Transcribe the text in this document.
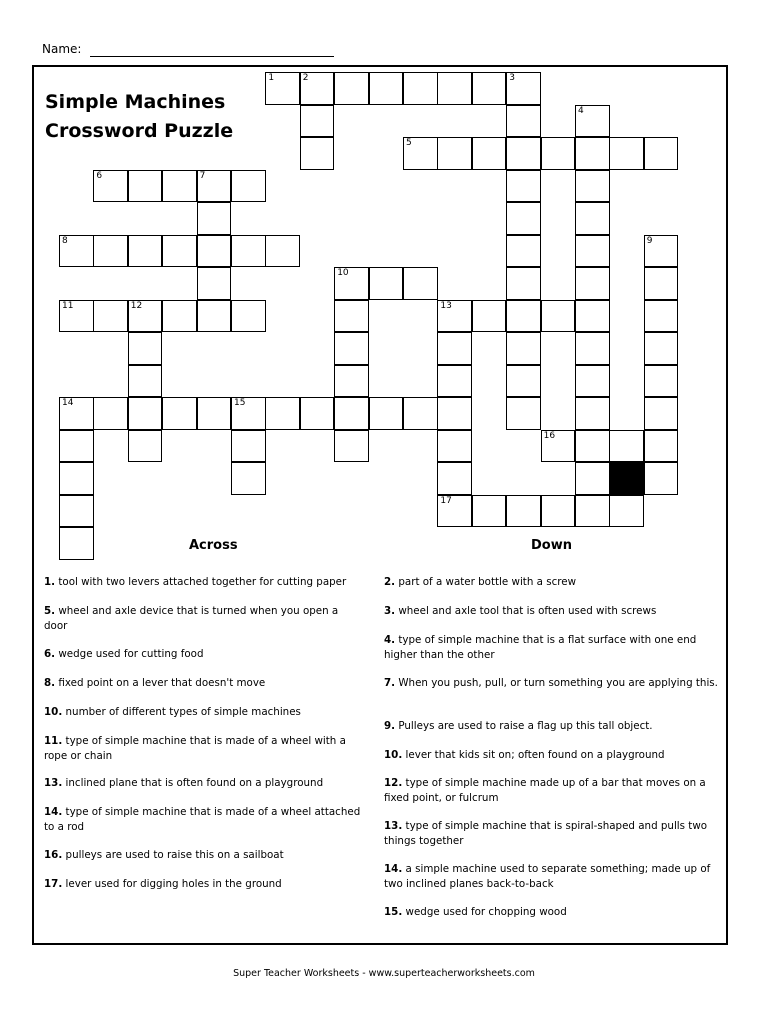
Name:
Simple Machines
Crossword Puzzle
1	2	3
4
5
6	7
8	9
10
11	12	13
14	15
16
17
Across	Down
1. tool with two levers attached together for cutting paper
5. wheel and axle device that is turned when you open a door
6. wedge used for cutting food
8. fixed point on a lever that doesn't move
10. number of different types of simple machines
11. type of simple machine that is made of a wheel with a rope or chain
13. inclined plane that is often found on a playground
14. type of simple machine that is made of a wheel attached to a rod
16. pulleys are used to raise this on a sailboat
17. lever used for digging holes in the ground
2. part of a water bottle with a screw
3. wheel and axle tool that is often used with screws
4. type of simple machine that is a flat surface with one end higher than the other
7. When you push, pull, or turn something you are applying this.
9. Pulleys are used to raise a flag up this tall object.
10. lever that kids sit on; often found on a playground
12. type of simple machine made up of a bar that moves on a fixed point, or fulcrum
13. type of simple machine that is spiral-shaped and pulls two things together
14. a simple machine used to separate something; made up of two inclined planes back-to-back
15. wedge used for chopping wood
Super Teacher Worksheets - www.superteacherworksheets.com
